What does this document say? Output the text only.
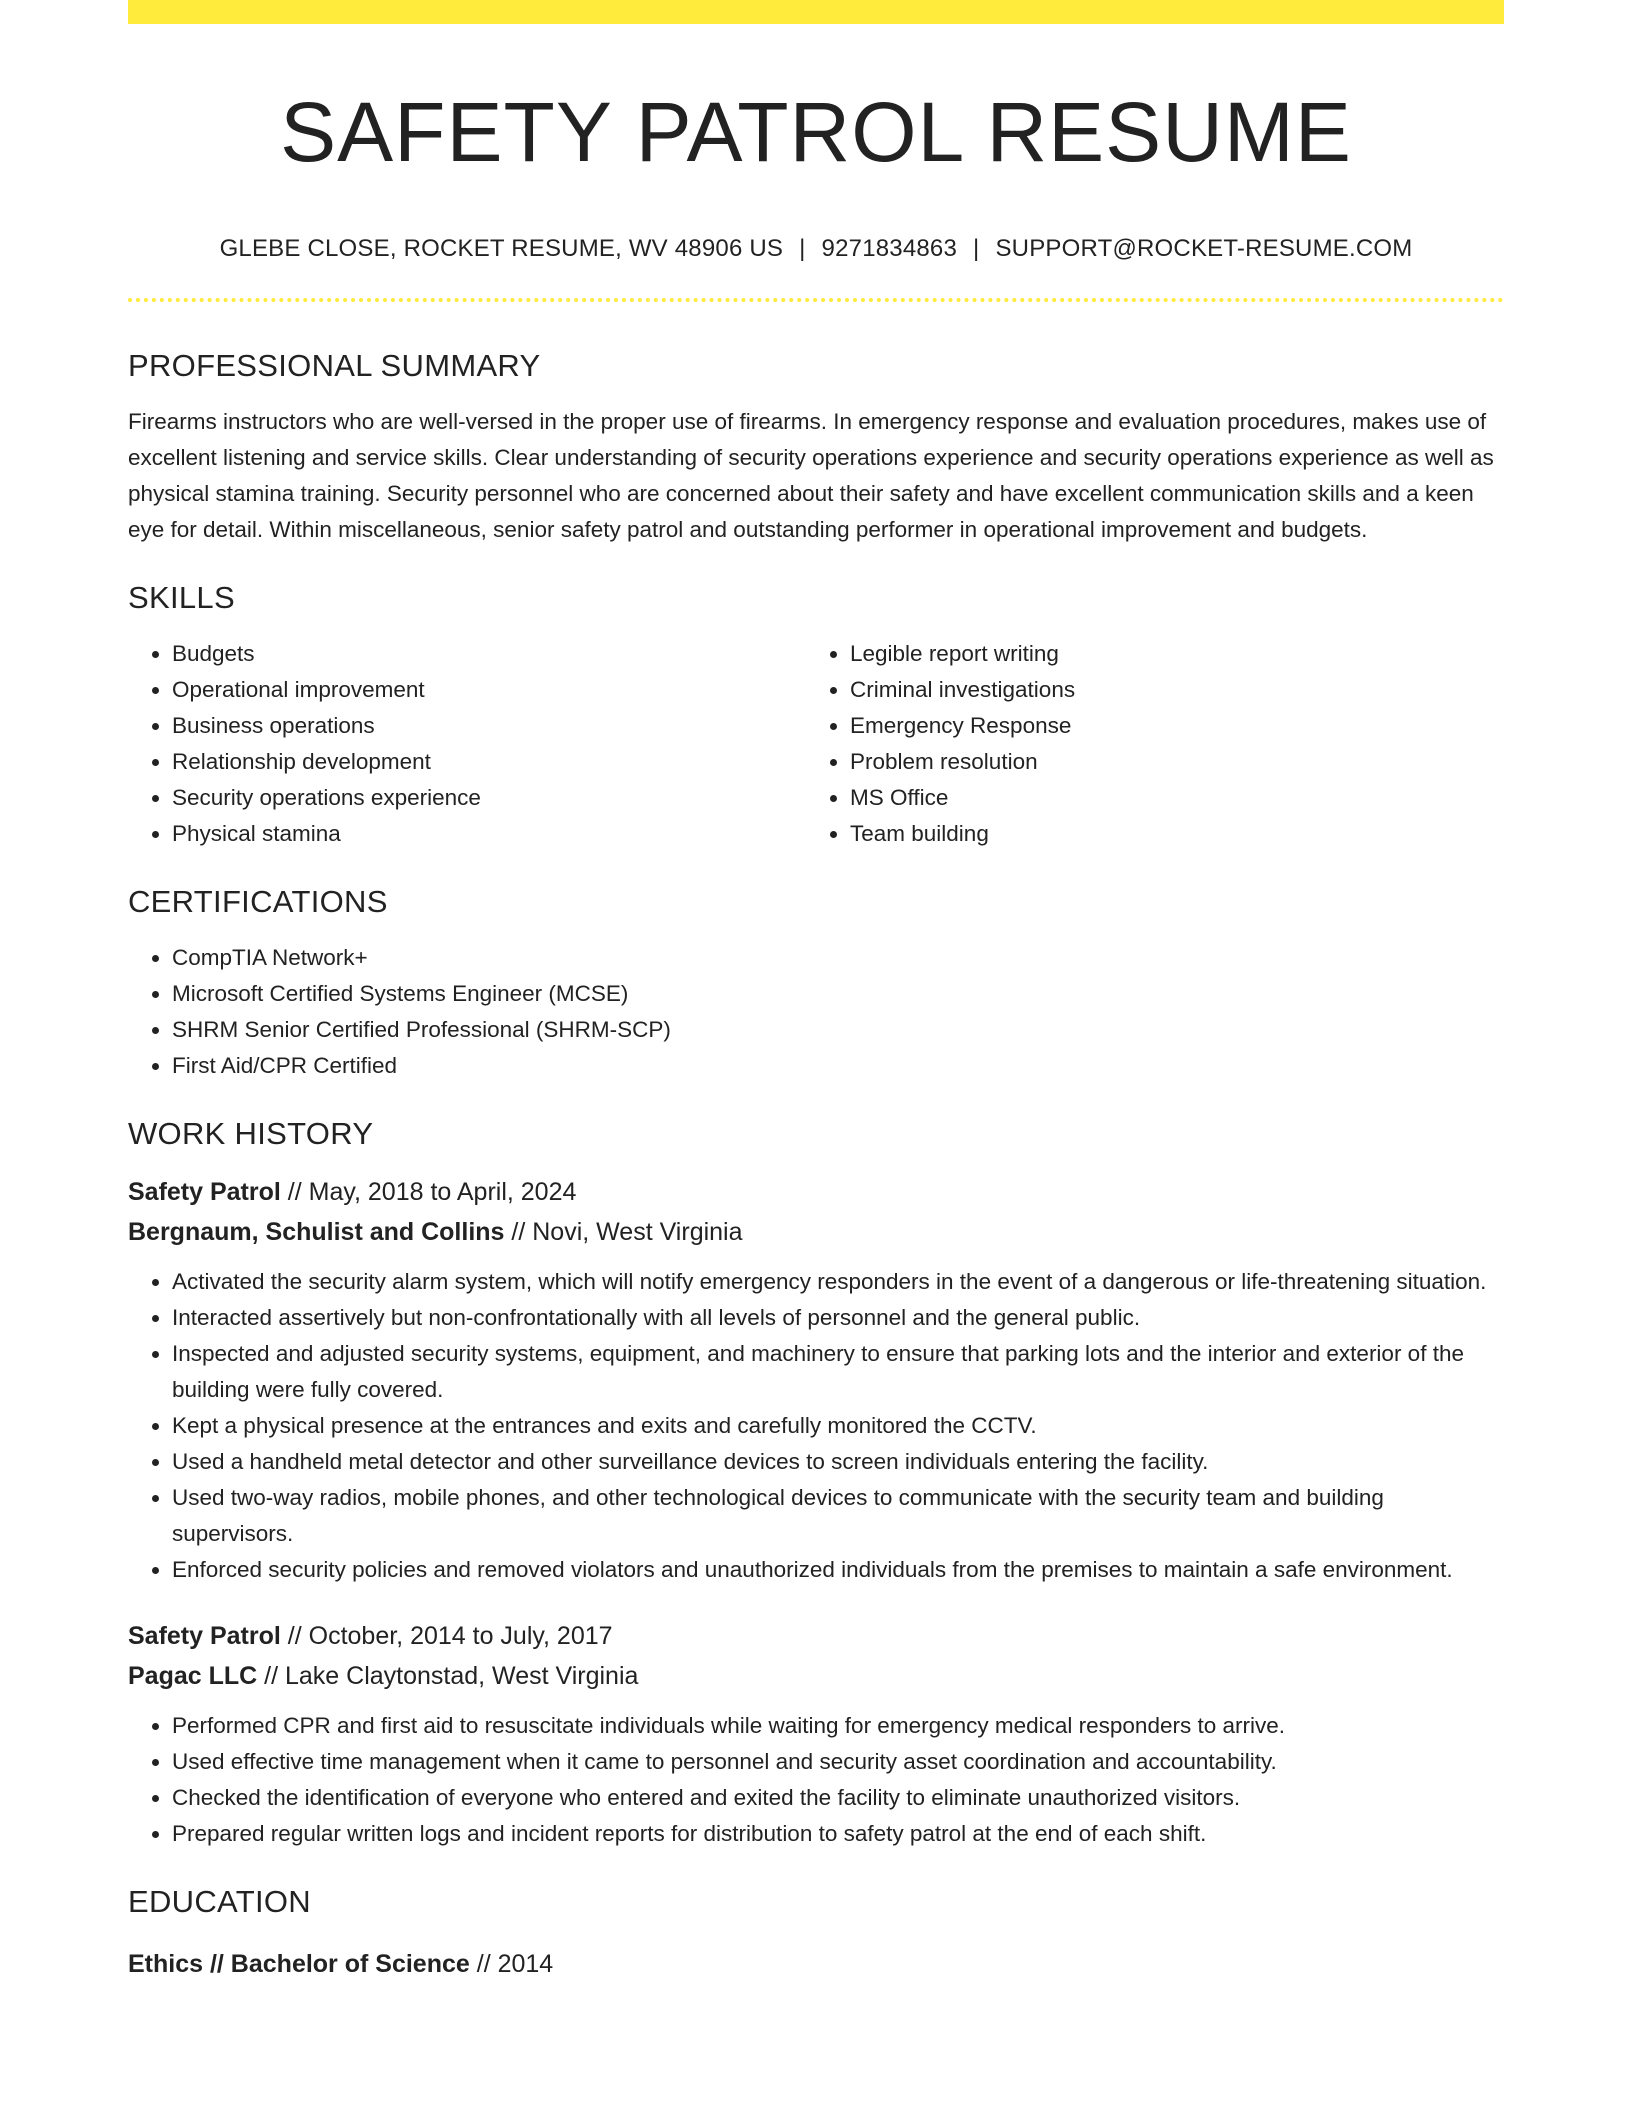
SAFETY PATROL RESUME
GLEBE CLOSE, ROCKET RESUME, WV 48906 US | 9271834863 | SUPPORT@ROCKET-RESUME.COM
PROFESSIONAL SUMMARY
Firearms instructors who are well-versed in the proper use of firearms. In emergency response and evaluation procedures, makes use of excellent listening and service skills. Clear understanding of security operations experience and security operations experience as well as physical stamina training. Security personnel who are concerned about their safety and have excellent communication skills and a keen eye for detail. Within miscellaneous, senior safety patrol and outstanding performer in operational improvement and budgets.
SKILLS
• Budgets
• Operational improvement
• Business operations
• Relationship development
• Security operations experience
• Physical stamina
• Legible report writing
• Criminal investigations
• Emergency Response
• Problem resolution
• MS Office
• Team building
CERTIFICATIONS
• CompTIA Network+
• Microsoft Certified Systems Engineer (MCSE)
• SHRM Senior Certified Professional (SHRM-SCP)
• First Aid/CPR Certified
WORK HISTORY
Safety Patrol // May, 2018 to April, 2024
Bergnaum, Schulist and Collins // Novi, West Virginia
• Activated the security alarm system, which will notify emergency responders in the event of a dangerous or life-threatening situation.
• Interacted assertively but non-confrontationally with all levels of personnel and the general public.
• Inspected and adjusted security systems, equipment, and machinery to ensure that parking lots and the interior and exterior of the building were fully covered.
• Kept a physical presence at the entrances and exits and carefully monitored the CCTV.
• Used a handheld metal detector and other surveillance devices to screen individuals entering the facility.
• Used two-way radios, mobile phones, and other technological devices to communicate with the security team and building supervisors.
• Enforced security policies and removed violators and unauthorized individuals from the premises to maintain a safe environment.
Safety Patrol // October, 2014 to July, 2017
Pagac LLC // Lake Claytonstad, West Virginia
• Performed CPR and first aid to resuscitate individuals while waiting for emergency medical responders to arrive.
• Used effective time management when it came to personnel and security asset coordination and accountability.
• Checked the identification of everyone who entered and exited the facility to eliminate unauthorized visitors.
• Prepared regular written logs and incident reports for distribution to safety patrol at the end of each shift.
EDUCATION
Ethics // Bachelor of Science // 2014
